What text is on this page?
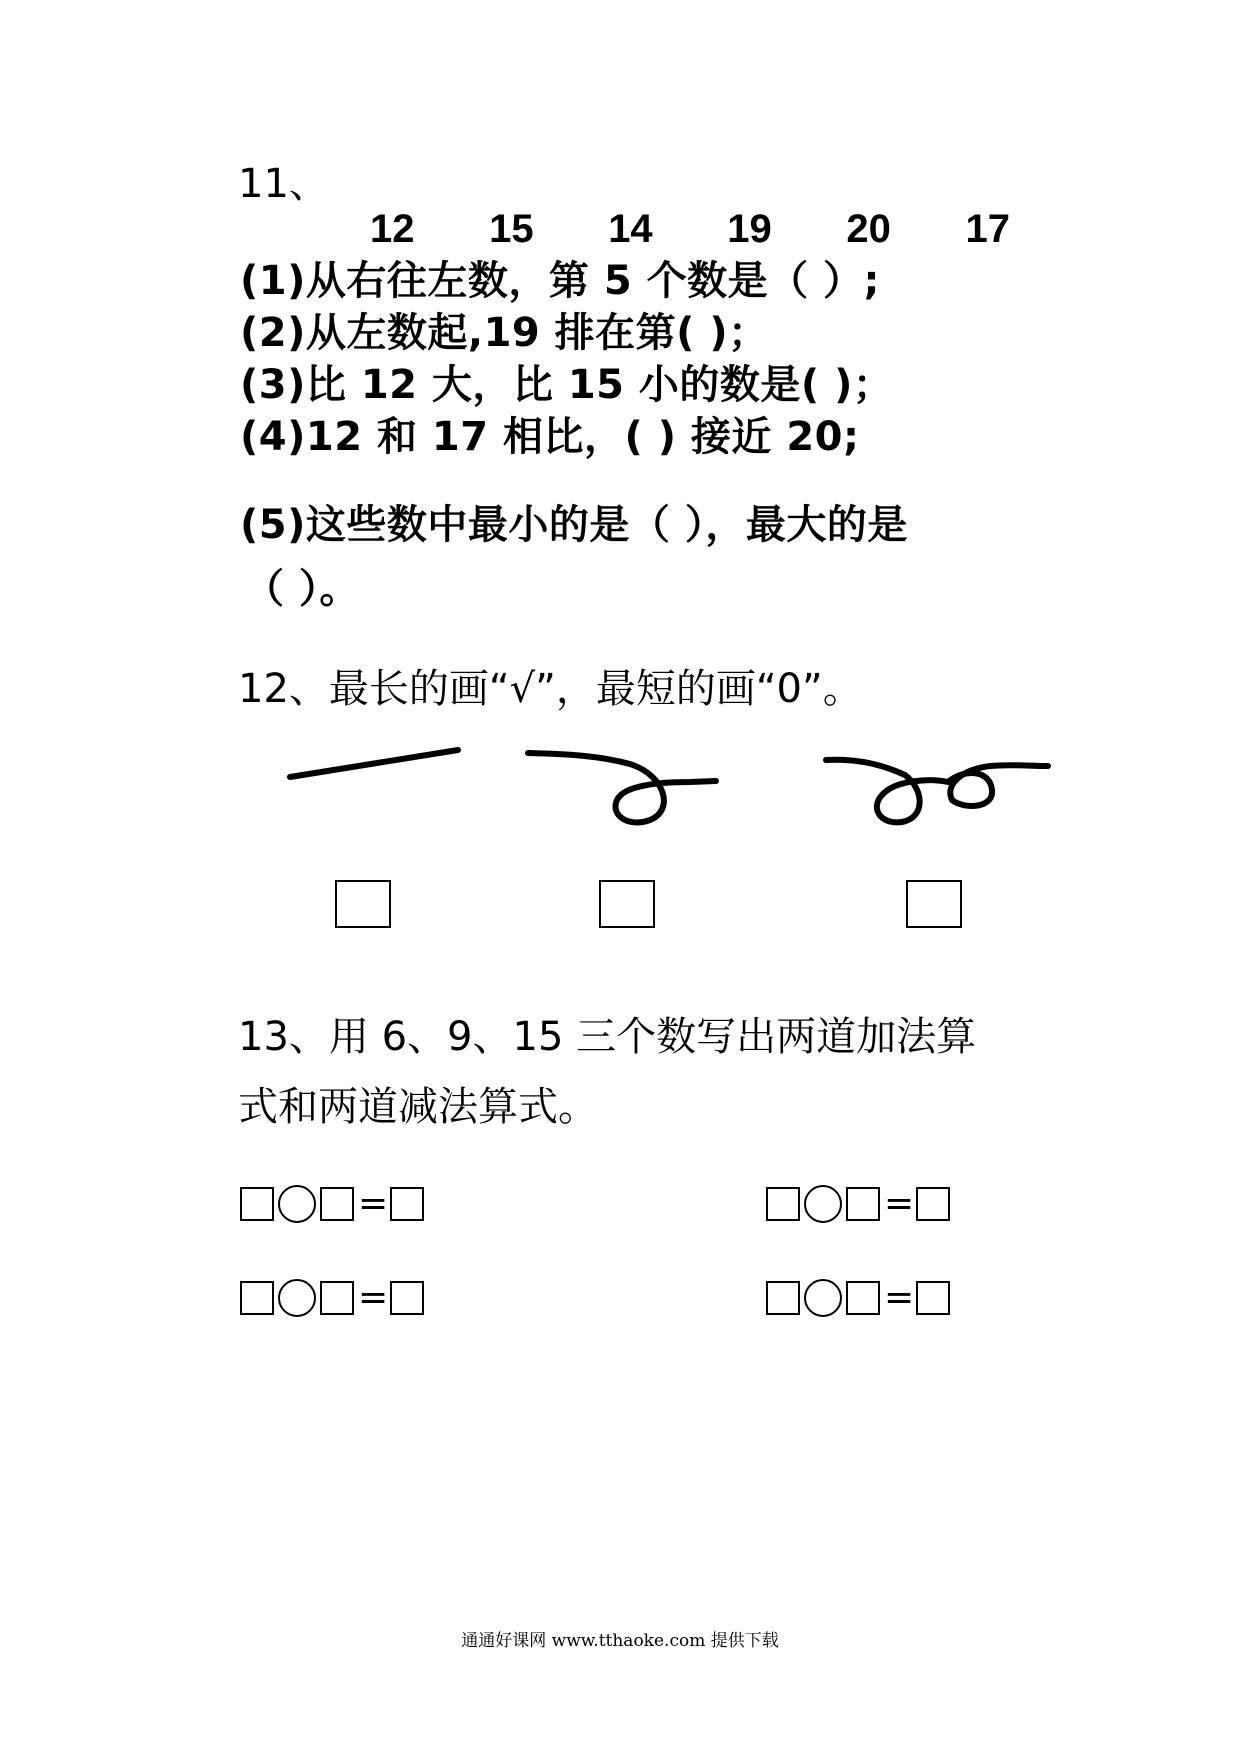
11、
12 15 14 19 20 17
(1)从右往左数，第 5 个数是（ ）;
(2)从左数起,19 排在第( )；
(3)比 12 大，比 15 小的数是( )；
(4)12 和 17 相比，( ) 接近 20;
(5)这些数中最小的是（ ），最大的是
（ ）。
12、最长的画“√”，最短的画“0”。
13、用 6、9、15 三个数写出两道加法算
式和两道减法算式。
=	=
=	=
通通好课网 www.tthaoke.com 提供下载
